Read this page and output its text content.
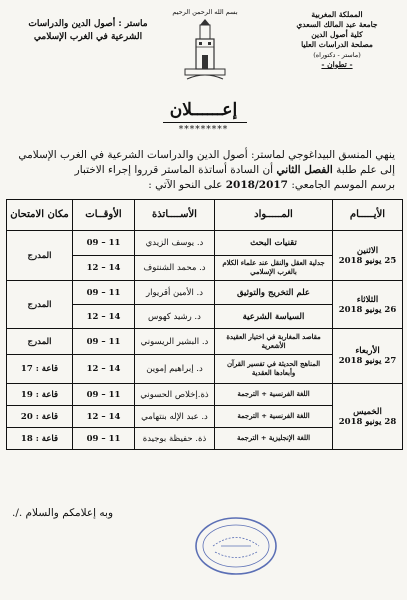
المملكة المغربية
جامعة عبد المالك السعدي
كلية أصول الدين
مصلحة الدراسات العليا
(ماستر - دكتوراه)
- تطوان -
بسم الله الرحمن الرحيم
ماستر : أصول الدين والدراسات
الشرعية في الغرب الإسلامي
إعــــــلان
*********
ينهي المنسق البيداغوجي لماستر: أصول الدين والدراسات الشرعية في الغرب الإسلامي
إلى علم طلبة الفصل الثاني أن السادة أساتذة الماستر قرروا إجراء الاختبار
برسم الموسم الجامعي: 2018/2017 على النحو الآتي :
الأيـــــام	المـــــواد	الأســــاتذة	الأوقــات	مكان الامتحان

الاثنين
25 يونيو 2018	تقنيات البحث	د. يوسف الزيدي	09 – 11	المدرج
	جدلية العقل والنقل عند علماء الكلام بالغرب الإسلامي	د. محمد الشنتوف	12 – 14	

الثلاثاء
26 يونيو 2018	علم التخريج والتوثيق	د. الأمين أقريوار	09 – 11	المدرج
	السياسة الشرعية	د. رشيد كهوس	12 – 14	

الأربعاء
27 يونيو 2018	مقاصد المغاربة في اختيار العقيدة الأشعرية	د. البشير الريسوني	09 – 11	المدرج
	المناهج الحديثة في تفسير القرآن وأبعادها العقدية	د. إبراهيم إموين	12 – 14	قاعة : 17

الخميس
28 يونيو 2018	اللغة الفرنسية + الترجمة	ذة.إخلاص الحسوني	09 – 11	قاعة : 19
	اللغة الفرنسية + الترجمة	د. عبد الإله بنتهامي	12 – 14	قاعة : 20
	اللغة الإنجليزية + الترجمة	ذة. حفيظة بوجيدة	09 – 11	قاعة : 18
وبه إعلامكم والسلام ./.
